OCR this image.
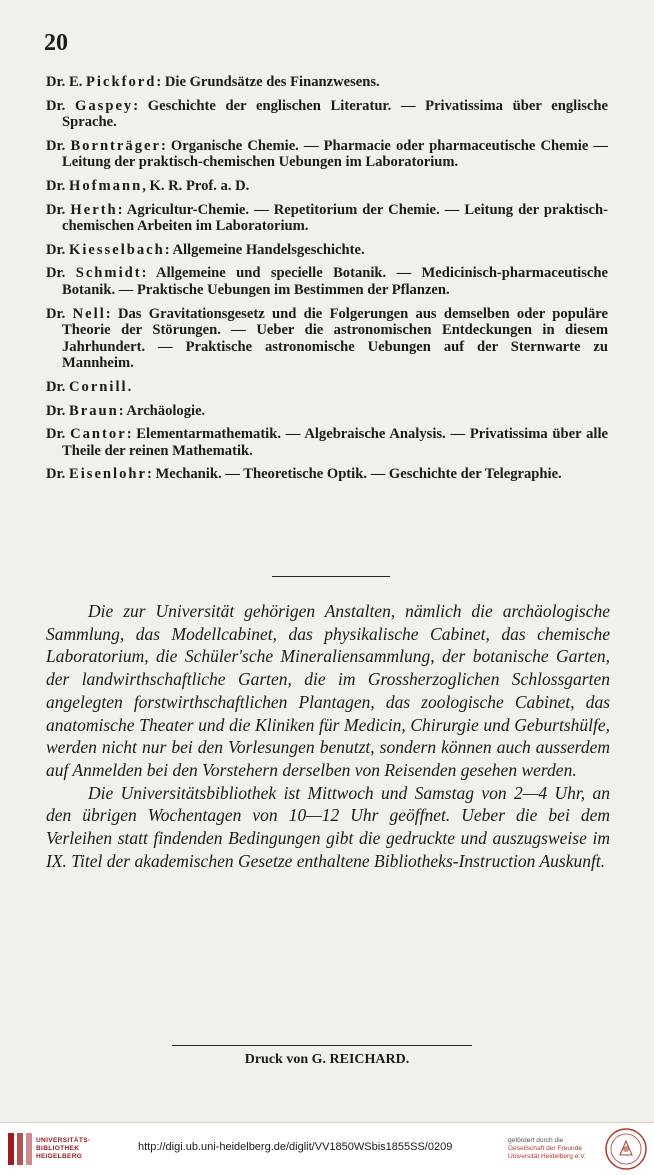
20
Dr. E. Pickford: Die Grundsätze des Finanzwesens.
Dr. Gaspey: Geschichte der englischen Literatur. — Privatissima über englische Sprache.
Dr. Bornträger: Organische Chemie. — Pharmacie oder pharmaceutische Chemie — Leitung der praktisch-chemischen Uebungen im Laboratorium.
Dr. Hofmann, K. R. Prof. a. D.
Dr. Herth: Agricultur-Chemie. — Repetitorium der Chemie. — Leitung der praktisch-chemischen Arbeiten im Laboratorium.
Dr. Kiesselbach: Allgemeine Handelsgeschichte.
Dr. Schmidt: Allgemeine und specielle Botanik. — Medicinisch-pharmaceutische Botanik. — Praktische Uebungen im Bestimmen der Pflanzen.
Dr. Nell: Das Gravitationsgesetz und die Folgerungen aus demselben oder populäre Theorie der Störungen. — Ueber die astronomischen Entdeckungen in diesem Jahrhundert. — Praktische astronomische Uebungen auf der Sternwarte zu Mannheim.
Dr. Cornill.
Dr. Braun: Archäologie.
Dr. Cantor: Elementarmathematik. — Algebraische Analysis. — Privatissima über alle Theile der reinen Mathematik.
Dr. Eisenlohr: Mechanik. — Theoretische Optik. — Geschichte der Telegraphie.

Die zur Universität gehörigen Anstalten, nämlich die archäologische Sammlung, das Modellcabinet, das physikalische Cabinet, das chemische Laboratorium, die Schüler'sche Mineraliensammlung, der botanische Garten, der landwirthschaftliche Garten, die im Grossherzoglichen Schlossgarten angelegten forstwirthschaftlichen Plantagen, das zoologische Cabinet, das anatomische Theater und die Kliniken für Medicin, Chirurgie und Geburtshülfe, werden nicht nur bei den Vorlesungen benutzt, sondern können auch ausserdem auf Anmelden bei den Vorstehern derselben von Reisenden gesehen werden.

Die Universitätsbibliothek ist Mittwoch und Samstag von 2—4 Uhr, an den übrigen Wochentagen von 10—12 Uhr geöffnet. Ueber die bei dem Verleihen statt findenden Bedingungen gibt die gedruckte und auszugsweise im IX. Titel der akademischen Gesetze enthaltene Bibliotheks-Instruction Auskunft.

Druck von G. REICHARD.
UNIVERSITÄTS-
BIBLIOTHEK
HEIDELBERG
http://digi.ub.uni-heidelberg.de/diglit/VV1850WSbis1855SS/0209
gefördert durch die
Gesellschaft der Freunde
Universität Heidelberg e.V.
